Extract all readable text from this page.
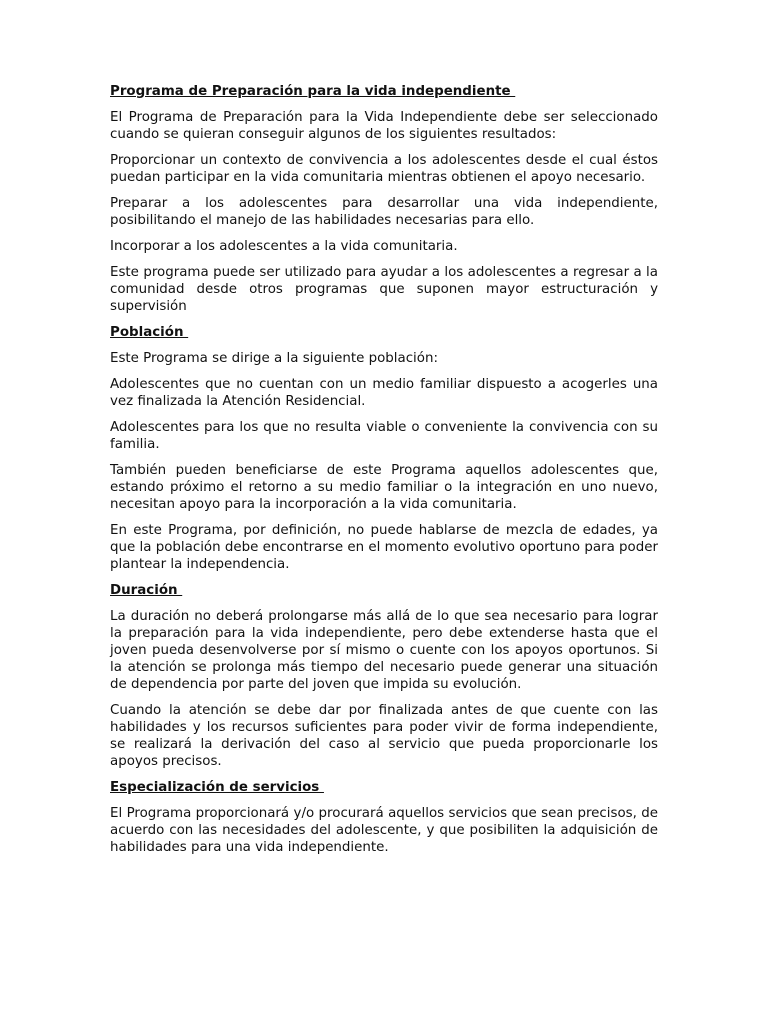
Programa de Preparación para la vida independiente

El Programa de Preparación para la Vida Independiente debe ser seleccionado cuando se quieran conseguir algunos de los siguientes resultados:

Proporcionar un contexto de convivencia a los adolescentes desde el cual éstos puedan participar en la vida comunitaria mientras obtienen el apoyo necesario.

Preparar a los adolescentes para desarrollar una vida independiente, posibilitando el manejo de las habilidades necesarias para ello.

Incorporar a los adolescentes a la vida comunitaria.

Este programa puede ser utilizado para ayudar a los adolescentes a regresar a la comunidad desde otros programas que suponen mayor estructuración y supervisión

Población

Este Programa se dirige a la siguiente población:

Adolescentes que no cuentan con un medio familiar dispuesto a acogerles una vez finalizada la Atención Residencial.

Adolescentes para los que no resulta viable o conveniente la convivencia con su familia.

También pueden beneficiarse de este Programa aquellos adolescentes que, estando próximo el retorno a su medio familiar o la integración en uno nuevo, necesitan apoyo para la incorporación a la vida comunitaria.

En este Programa, por definición, no puede hablarse de mezcla de edades, ya que la población debe encontrarse en el momento evolutivo oportuno para poder plantear la independencia.

Duración

La duración no deberá prolongarse más allá de lo que sea necesario para lograr la preparación para la vida independiente, pero debe extenderse hasta que el joven pueda desenvolverse por sí mismo o cuente con los apoyos oportunos. Si la atención se prolonga más tiempo del necesario puede generar una situación de dependencia por parte del joven que impida su evolución.

Cuando la atención se debe dar por finalizada antes de que cuente con las habilidades y los recursos suficientes para poder vivir de forma independiente, se realizará la derivación del caso al servicio que pueda proporcionarle los apoyos precisos.

Especialización de servicios

El Programa proporcionará y/o procurará aquellos servicios que sean precisos, de acuerdo con las necesidades del adolescente, y que posibiliten la adquisición de habilidades para una vida independiente.
